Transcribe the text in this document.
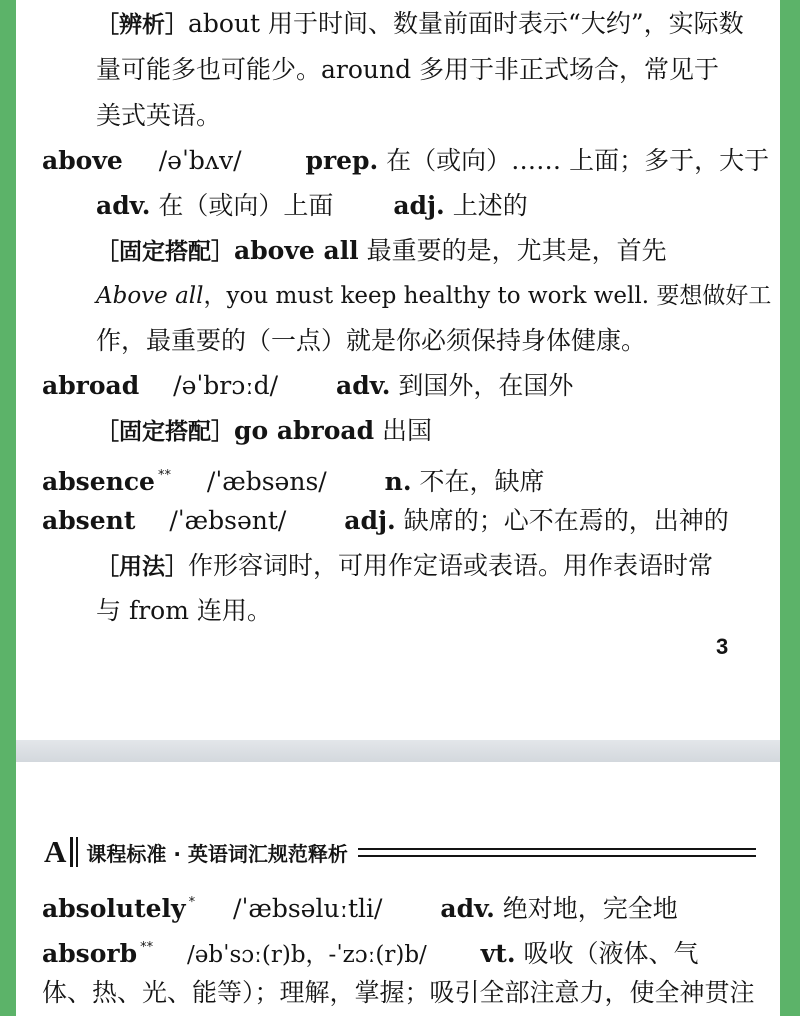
［辨析］about 用于时间、数量前面时表示“大约”，实际数
量可能多也可能少。around 多用于非正式场合，常见于
美式英语。
above /əˈbʌv/	prep. 在（或向）…… 上面；多于，大于
adv. 在（或向）上面 adj. 上述的
［固定搭配］above all 最重要的是，尤其是，首先
Above all，you must keep healthy to work well. 要想做好工
作，最重要的（一点）就是你必须保持身体健康。
abroad /əˈbrɔːd/ adv. 到国外，在国外
［固定搭配］go abroad 出国
absence ** /ˈæbsəns/ n. 不在，缺席
absent /ˈæbsənt/ adj. 缺席的；心不在焉的，出神的
［用法］作形容词时，可用作定语或表语。用作表语时常
与 from 连用。
3
A 课程标准 · 英语词汇规范释析
absolutely * /ˈæbsəluːtli/ adv. 绝对地，完全地
absorb ** /əbˈsɔː(r)b，-ˈzɔː(r)b/ vt. 吸收（液体、气
体、热、光、能等）；理解，掌握；吸引全部注意力，使全神贯注
